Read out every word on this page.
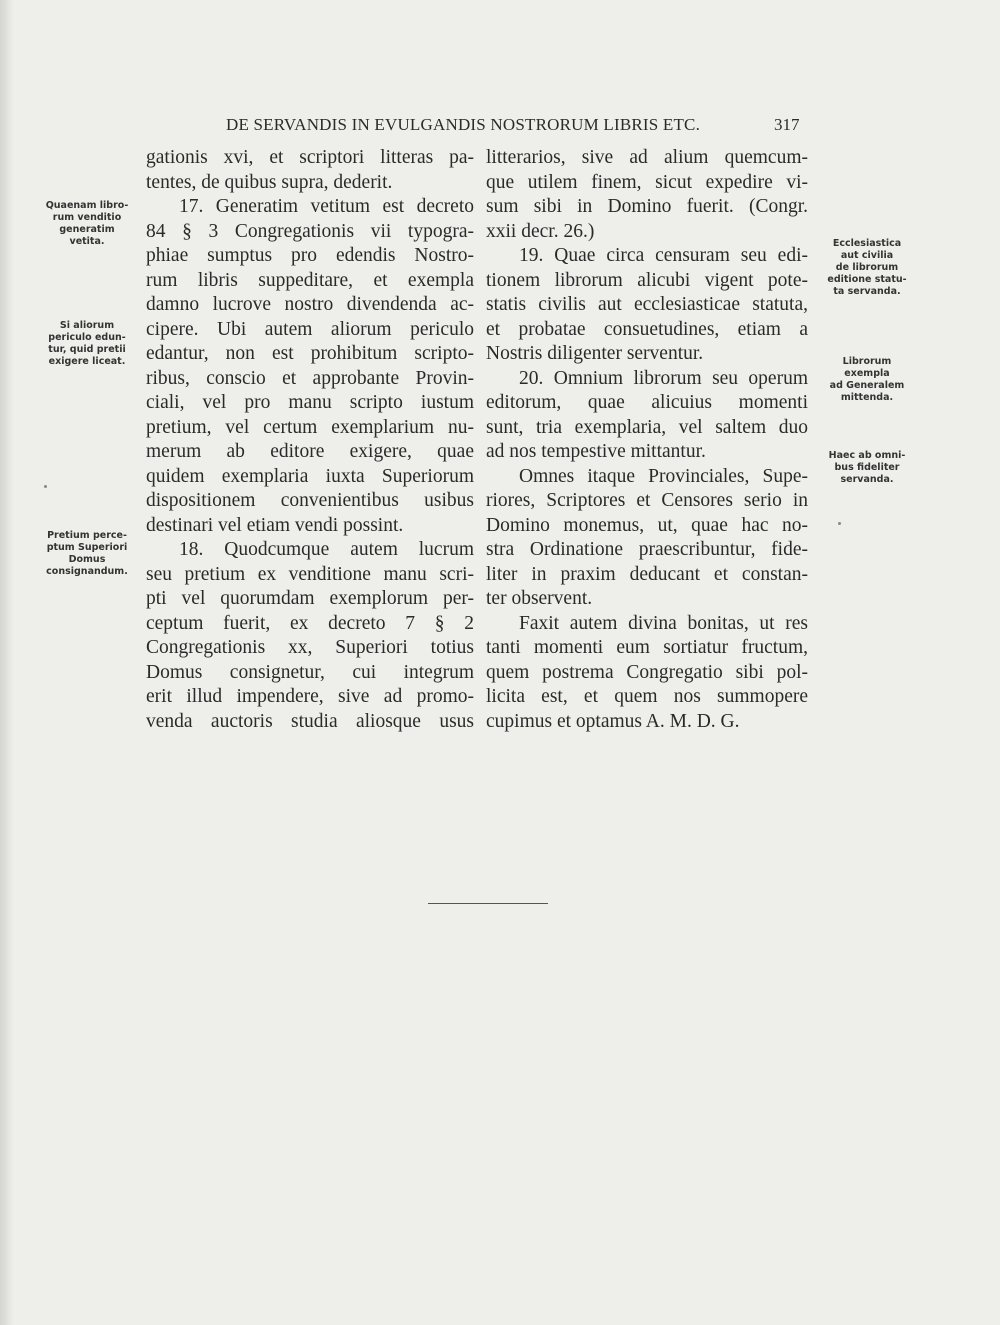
DE SERVANDIS IN EVULGANDIS NOSTRORUM LIBRIS ETC.	317
Quaenam libro-
rum venditio
generatim
vetita.
Si aliorum
periculo edun-
tur, quid pretii
exigere liceat.
Pretium perce-
ptum Superiori
Domus
consignandum.
Ecclesiastica
aut civilia
de librorum
editione statu-
ta servanda.
Librorum
exempla
ad Generalem
mittenda.
Haec ab omni-
bus fideliter
servanda.
gationis xvi, et scriptori litteras pa-
tentes, de quibus supra, dederit.
17. Generatim vetitum est decreto
84 § 3 Congregationis vii typogra-
phiae sumptus pro edendis Nostro-
rum libris suppeditare, et exempla
damno lucrove nostro divendenda ac-
cipere. Ubi autem aliorum periculo
edantur, non est prohibitum scripto-
ribus, conscio et approbante Provin-
ciali, vel pro manu scripto iustum
pretium, vel certum exemplarium nu-
merum ab editore exigere, quae
quidem exemplaria iuxta Superiorum
dispositionem convenientibus usibus
destinari vel etiam vendi possint.
18. Quodcumque autem lucrum
seu pretium ex venditione manu scri-
pti vel quorumdam exemplorum per-
ceptum fuerit, ex decreto 7 § 2
Congregationis xx, Superiori totius
Domus consignetur, cui integrum
erit illud impendere, sive ad promo-
venda auctoris studia aliosque usus
litterarios, sive ad alium quemcum-
que utilem finem, sicut expedire vi-
sum sibi in Domino fuerit. (Congr.
xxii decr. 26.)
19. Quae circa censuram seu edi-
tionem librorum alicubi vigent pote-
statis civilis aut ecclesiasticae statuta,
et probatae consuetudines, etiam a
Nostris diligenter serventur.
20. Omnium librorum seu operum
editorum, quae alicuius momenti
sunt, tria exemplaria, vel saltem duo
ad nos tempestive mittantur.
Omnes itaque Provinciales, Supe-
riores, Scriptores et Censores serio in
Domino monemus, ut, quae hac no-
stra Ordinatione praescribuntur, fide-
liter in praxim deducant et constan-
ter observent.
Faxit autem divina bonitas, ut res
tanti momenti eum sortiatur fructum,
quem postrema Congregatio sibi pol-
licita est, et quem nos summopere
cupimus et optamus A. M. D. G.
